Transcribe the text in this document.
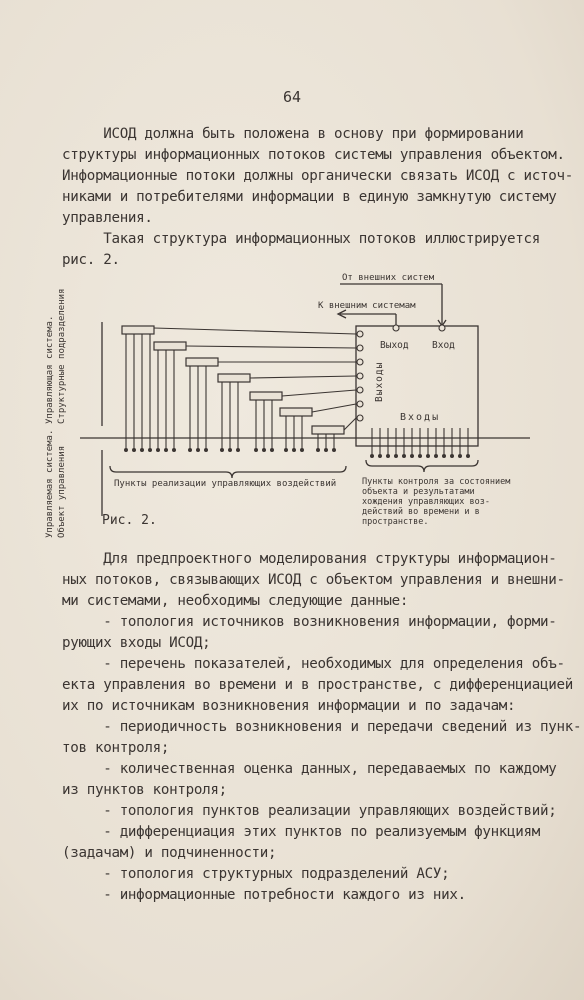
64
ИСОД должна быть положена в основу при формировании
структуры информационных потоков системы управления объектом.
Информационные потоки должны органически связать ИСОД с источ-
никами и потребителями информации в единую замкнутую систему
управления.
Такая структура информационных потоков иллюстрируется
рис. 2.
От внешних систем
К внешним системам
Выход Вход
Выходы
Входы
Управляющая система. Структурные подразделения
Управляемая система. Объект управления	Пункты реализации управляющих воздействий	Пункты контроля за состоянием
объекта и результатами
хождения управляющих воз-
действий во времени и в
пространстве.
Рис. 2.
Для предпроектного моделирования структуры информацион-
ных потоков, связывающих ИСОД с объектом управления и внешни-
ми системами, необходимы следующие данные:
- топология источников возникновения информации, форми-
рующих входы ИСОД;
- перечень показателей, необходимых для определения объ-
екта управления во времени и в пространстве, с дифференциацией
их по источникам возникновения информации и по задачам:
- периодичность возникновения и передачи сведений из пунк-
тов контроля;
- количественная оценка данных, передаваемых по каждому
из пунктов контроля;
- топология пунктов реализации управляющих воздействий;
- дифференциация этих пунктов по реализуемым функциям
(задачам) и подчиненности;
- топология структурных подразделений АСУ;
- информационные потребности каждого из них.
